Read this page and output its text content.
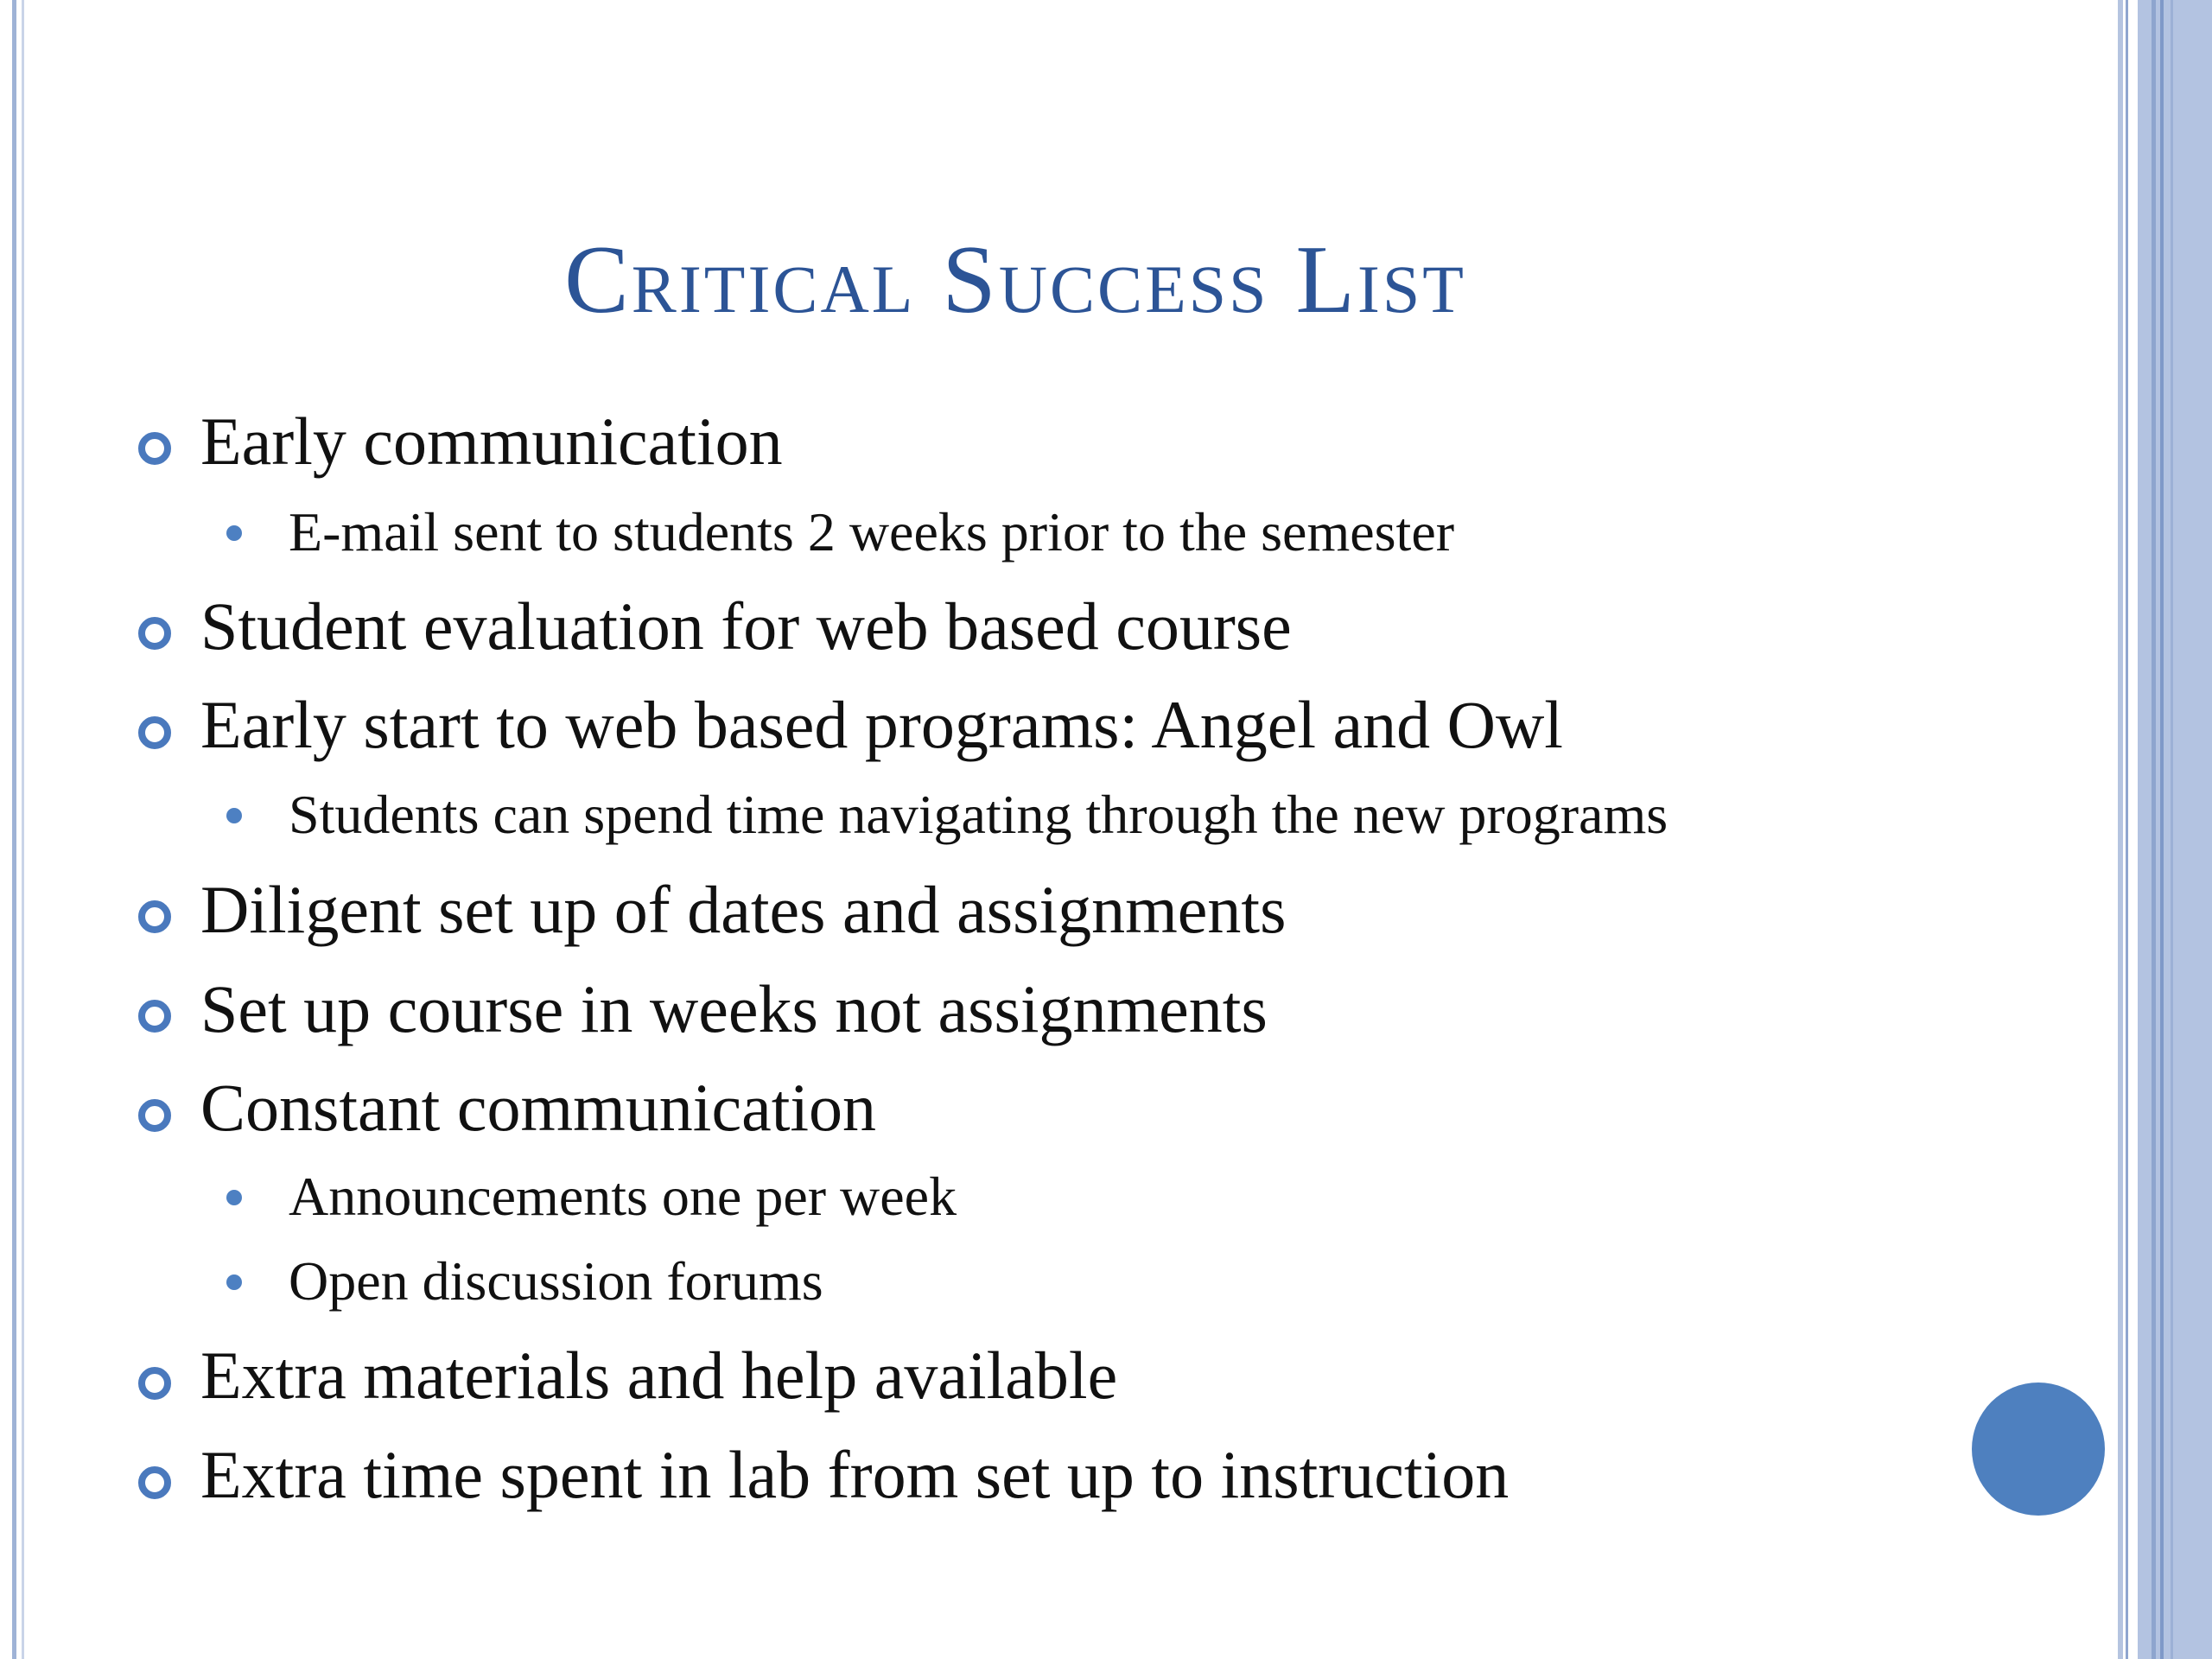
Critical Success List
Early communication
E-mail sent to students 2 weeks prior to the semester
Student evaluation for web based course
Early start to web based programs: Angel and Owl
Students can spend time navigating through the new programs
Diligent set up of dates and assignments
Set up course in weeks not assignments
Constant communication
Announcements one per week
Open discussion forums
Extra materials and help available
Extra time spent in lab from set up to instruction
